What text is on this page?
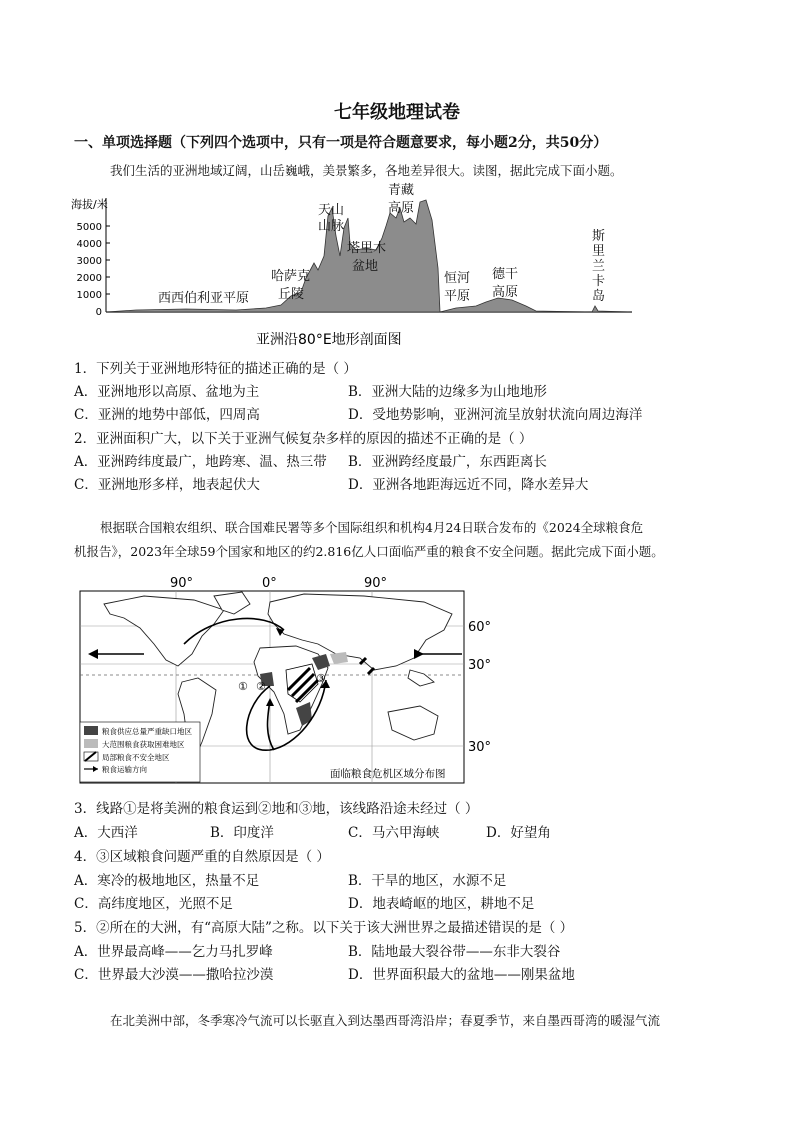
七年级地理试卷
一、单项选择题（下列四个选项中，只有一项是符合题意要求，每小题2分，共50分）
我们生活的亚洲地域辽阔，山岳巍峨，美景繁多，各地差异很大。读图，据此完成下面小题。
海拔/米
5000
4000
3000
2000
1000
0
西西伯利亚平原
哈萨克
丘陵
天山
山脉
塔里木
盆地
青藏
高原
恒河
平原
德干
高原
斯
里
兰
卡
岛
亚洲沿80°E地形剖面图
1．下列关于亚洲地形特征的描述正确的是（ ）
A．亚洲地形以高原、盆地为主	B．亚洲大陆的边缘多为山地地形
C．亚洲的地势中部低，四周高	D．受地势影响，亚洲河流呈放射状流向周边海洋
2．亚洲面积广大，以下关于亚洲气候复杂多样的原因的描述不正确的是（ ）
A．亚洲跨纬度最广，地跨寒、温、热三带 B．亚洲跨经度最广，东西距离长
C．亚洲地形多样，地表起伏大	D．亚洲各地距海远近不同，降水差异大
根据联合国粮农组织、联合国难民署等多个国际组织和机构4月24日联合发布的《2024全球粮食危
机报告》，2023年全球59个国家和地区的约2.816亿人口面临严重的粮食不安全问题。据此完成下面小题。
90°	0°	90°
① ②
③
粮食供应总量严重缺口地区
大范围粮食获取困难地区
局部粮食不安全地区
粮食运输方向	面临粮食危机区域分布图
60°
30°
30°
3．线路①是将美洲的粮食运到②地和③地，该线路沿途未经过（ ）
A．大西洋	B．印度洋	C．马六甲海峡	D．好望角
4．③区域粮食问题严重的自然原因是（ ）
A．寒冷的极地地区，热量不足	B．干旱的地区，水源不足
C．高纬度地区，光照不足	D．地表崎岖的地区，耕地不足
5．②所在的大洲，有“高原大陆”之称。以下关于该大洲世界之最描述错误的是（ ）
A．世界最高峰——乞力马扎罗峰	B．陆地最大裂谷带——东非大裂谷
C．世界最大沙漠——撒哈拉沙漠	D．世界面积最大的盆地——刚果盆地
在北美洲中部，冬季寒冷气流可以长驱直入到达墨西哥湾沿岸；春夏季节，来自墨西哥湾的暖湿气流
